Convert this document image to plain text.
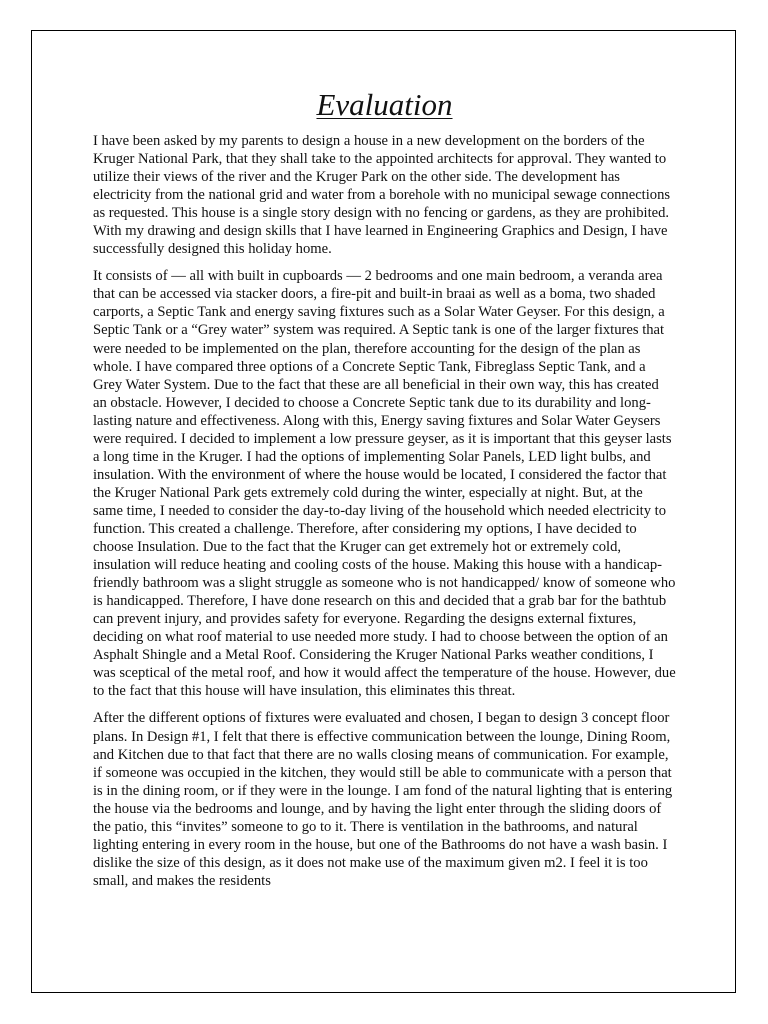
Evaluation

I have been asked by my parents to design a house in a new development on the borders of the Kruger National Park, that they shall take to the appointed architects for approval. They wanted to utilize their views of the river and the Kruger Park on the other side. The development has electricity from the national grid and water from a borehole with no municipal sewage connections as requested. This house is a single story design with no fencing or gardens, as they are prohibited. With my drawing and design skills that I have learned in Engineering Graphics and Design, I have successfully designed this holiday home.

It consists of — all with built in cupboards — 2 bedrooms and one main bedroom, a veranda area that can be accessed via stacker doors, a fire-pit and built-in braai as well as a boma, two shaded carports, a Septic Tank and energy saving fixtures such as a Solar Water Geyser. For this design, a Septic Tank or a “Grey water” system was required. A Septic tank is one of the larger fixtures that were needed to be implemented on the plan, therefore accounting for the design of the plan as whole. I have compared three options of a Concrete Septic Tank, Fibreglass Septic Tank, and a Grey Water System. Due to the fact that these are all beneficial in their own way, this has created an obstacle. However, I decided to choose a Concrete Septic tank due to its durability and long-lasting nature and effectiveness. Along with this, Energy saving fixtures and Solar Water Geysers were required. I decided to implement a low pressure geyser, as it is important that this geyser lasts a long time in the Kruger. I had the options of implementing Solar Panels, LED light bulbs, and insulation. With the environment of where the house would be located, I considered the factor that the Kruger National Park gets extremely cold during the winter, especially at night. But, at the same time, I needed to consider the day-to-day living of the household which needed electricity to function. This created a challenge. Therefore, after considering my options, I have decided to choose Insulation. Due to the fact that the Kruger can get extremely hot or extremely cold, insulation will reduce heating and cooling costs of the house. Making this house with a handicap-friendly bathroom was a slight struggle as someone who is not handicapped/ know of someone who is handicapped. Therefore, I have done research on this and decided that a grab bar for the bathtub can prevent injury, and provides safety for everyone. Regarding the designs external fixtures, deciding on what roof material to use needed more study. I had to choose between the option of an Asphalt Shingle and a Metal Roof. Considering the Kruger National Parks weather conditions, I was sceptical of the metal roof, and how it would affect the temperature of the house. However, due to the fact that this house will have insulation, this eliminates this threat.

After the different options of fixtures were evaluated and chosen, I began to design 3 concept floor plans. In Design #1, I felt that there is effective communication between the lounge, Dining Room, and Kitchen due to that fact that there are no walls closing means of communication. For example, if someone was occupied in the kitchen, they would still be able to communicate with a person that is in the dining room, or if they were in the lounge. I am fond of the natural lighting that is entering the house via the bedrooms and lounge, and by having the light enter through the sliding doors of the patio, this “invites” someone to go to it. There is ventilation in the bathrooms, and natural lighting entering in every room in the house, but one of the Bathrooms do not have a wash basin. I dislike the size of this design, as it does not make use of the maximum given m2. I feel it is too small, and makes the residents
